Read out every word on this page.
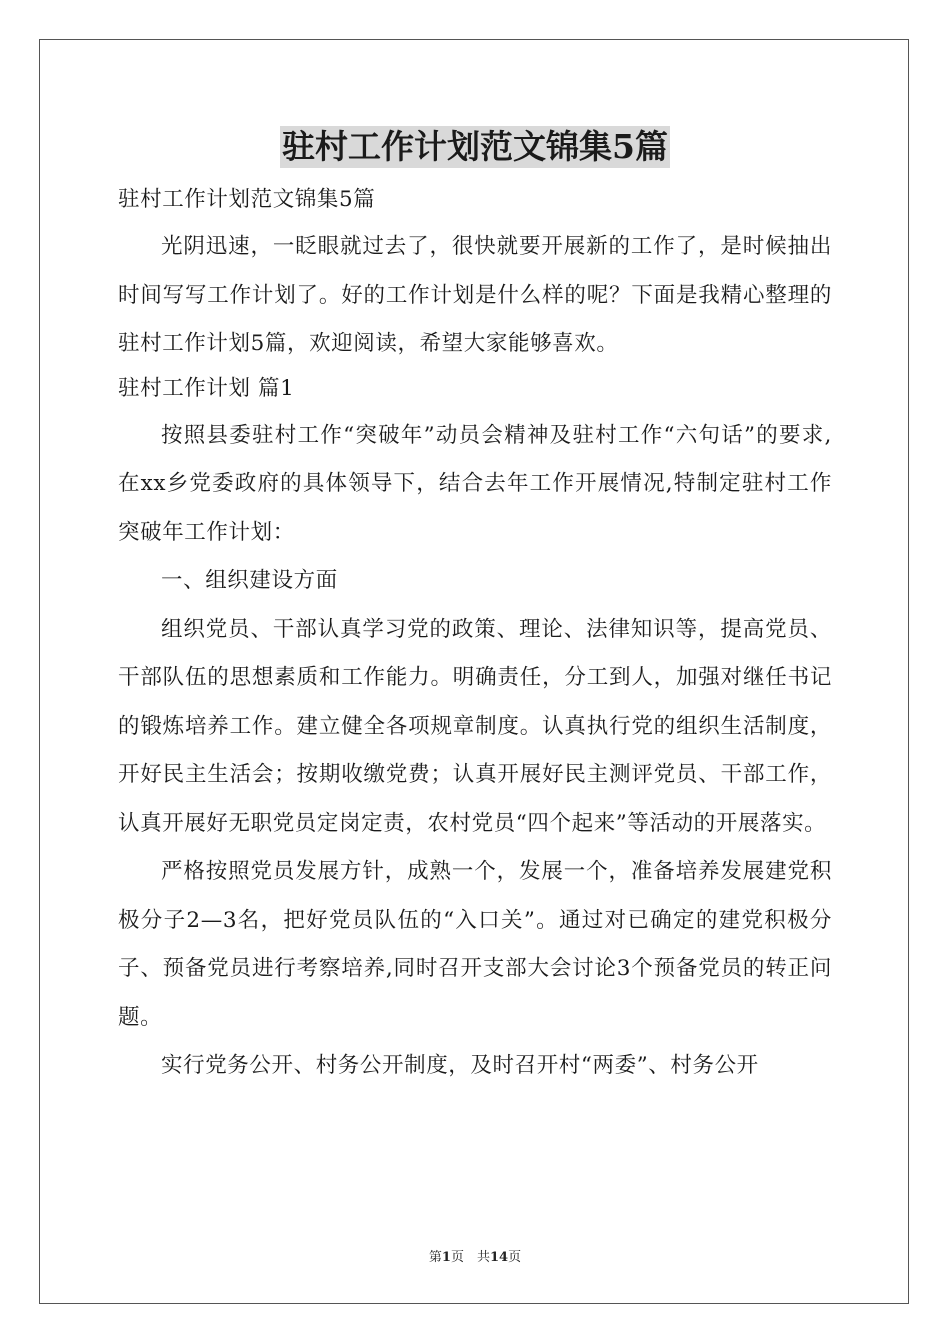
驻村工作计划范文锦集5篇

驻村工作计划范文锦集5篇

光阴迅速，一眨眼就过去了，很快就要开展新的工作了，是时候抽出时间写写工作计划了。好的工作计划是什么样的呢？下面是我精心整理的驻村工作计划5篇，欢迎阅读，希望大家能够喜欢。

驻村工作计划 篇1

按照县委驻村工作“突破年”动员会精神及驻村工作“六句话”的要求,在xx乡党委政府的具体领导下，结合去年工作开展情况,特制定驻村工作突破年工作计划：

一、组织建设方面

组织党员、干部认真学习党的政策、理论、法律知识等，提高党员、干部队伍的思想素质和工作能力。明确责任，分工到人，加强对继任书记的锻炼培养工作。建立健全各项规章制度。认真执行党的组织生活制度，开好民主生活会；按期收缴党费；认真开展好民主测评党员、干部工作，认真开展好无职党员定岗定责，农村党员“四个起来”等活动的开展落实。

严格按照党员发展方针，成熟一个，发展一个，准备培养发展建党积极分子2—3名，把好党员队伍的“入口关”。通过对已确定的建党积极分子、预备党员进行考察培养,同时召开支部大会讨论3个预备党员的转正问题。

实行党务公开、村务公开制度，及时召开村“两委”、村务公开

第1页　共14页
